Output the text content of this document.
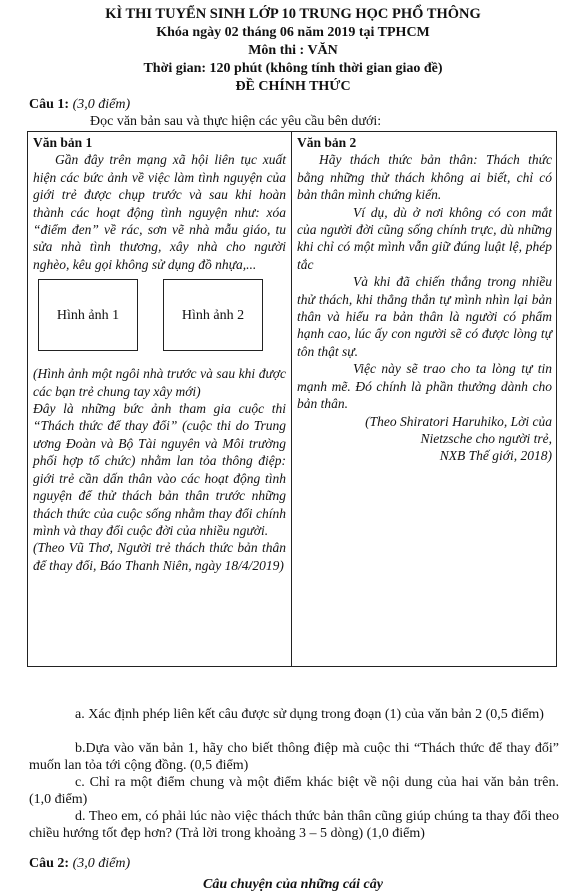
KÌ THI TUYỂN SINH LỚP 10 TRUNG HỌC PHỔ THÔNG
Khóa ngày 02 tháng 06 năm 2019 tại TPHCM
Môn thi : VĂN
Thời gian: 120 phút (không tính thời gian giao đề)
ĐỀ CHÍNH THỨC
Câu 1: (3,0 điểm)
Đọc văn bản sau và thực hiện các yêu cầu bên dưới:
Văn bản 1

Gần đây trên mạng xã hội liên tục xuất hiện các bức ảnh về việc làm tình nguyện của giới trẻ được chụp trước và sau khi hoàn thành các hoạt động tình nguyện như: xóa “điểm đen” về rác, sơn vẽ nhà mẫu giáo, tu sửa nhà tình thương, xây nhà cho người nghèo, kêu gọi không sử dụng đồ nhựa,...

Hình ảnh 1	Hình ảnh 2

(Hình ảnh một ngôi nhà trước và sau khi được các bạn trẻ chung tay xây mới)

Đây là những bức ảnh tham gia cuộc thi “Thách thức để thay đổi” (cuộc thi do Trung ương Đoàn và Bộ Tài nguyên và Môi trường phối hợp tổ chức) nhằm lan tỏa thông điệp: giới trẻ cần dấn thân vào các hoạt động tình nguyện để thử thách bản thân trước những thách thức của cuộc sống nhằm thay đổi chính mình và thay đổi cuộc đời của nhiều người.

(Theo Vũ Thơ, Người trẻ thách thức bản thân để thay đổi, Báo Thanh Niên, ngày 18/4/2019)

Văn bản 2

Hãy thách thức bản thân: Thách thức bằng những thử thách không ai biết, chỉ có bản thân mình chứng kiến.

Ví dụ, dù ở nơi không có con mắt của người đời cũng sống chính trực, dù những khi chỉ có một mình vẫn giữ đúng luật lệ, phép tắc

Và khi đã chiến thắng trong nhiều thử thách, khi thẳng thắn tự mình nhìn lại bản thân và hiểu ra bản thân là người có phẩm hạnh cao, lúc ấy con người sẽ có được lòng tự tôn thật sự.

Việc này sẽ trao cho ta lòng tự tin mạnh mẽ. Đó chính là phần thưởng dành cho bản thân.

(Theo Shiratori Haruhiko, Lời của

Nietzsche cho người trẻ,

NXB Thế giới, 2018)

a. Xác định phép liên kết câu được sử dụng trong đoạn (1) của văn bản 2 (0,5 điểm)
b.Dựa vào văn bản 1, hãy cho biết thông điệp mà cuộc thi “Thách thức để thay đổi” muốn lan tỏa tới cộng đồng. (0,5 điểm)
c. Chỉ ra một điểm chung và một điểm khác biệt về nội dung của hai văn bản trên. (1,0 điểm)
d. Theo em, có phải lúc nào việc thách thức bản thân cũng giúp chúng ta thay đổi theo chiều hướng tốt đẹp hơn? (Trả lời trong khoảng 3 – 5 dòng) (1,0 điểm)
Câu 2: (3,0 điểm)
Câu chuyện của những cái cây
